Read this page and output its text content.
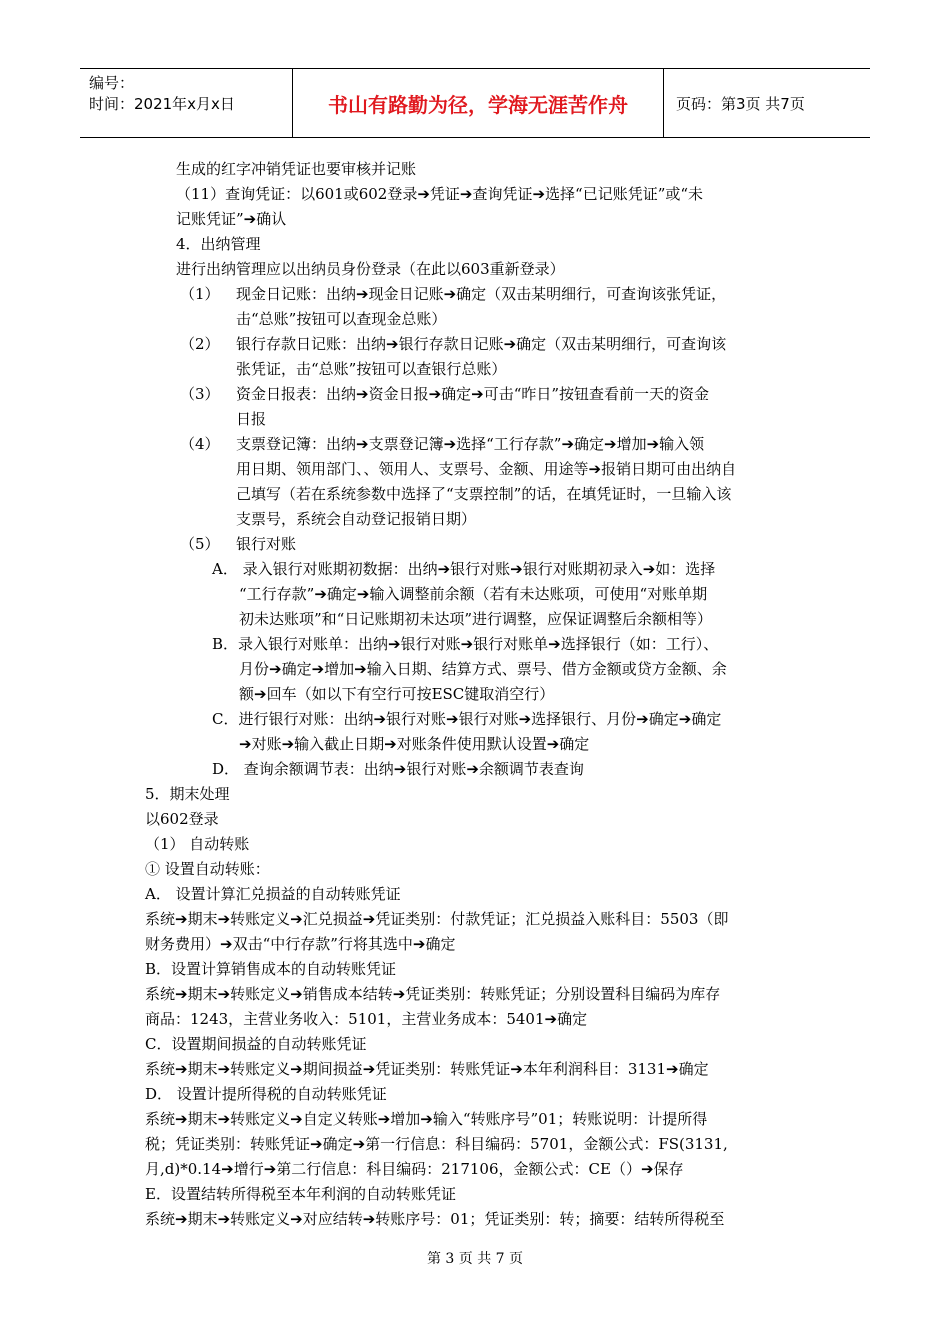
编号：
时间：2021年x月x日	书山有路勤为径，学海无涯苦作舟	页码：第3页 共7页
生成的红字冲销凭证也要审核并记账
（11）查询凭证：以601或602登录➔凭证➔查询凭证➔选择“已记账凭证”或“未
记账凭证”➔确认
4．出纳管理
进行出纳管理应以出纳员身份登录（在此以603重新登录）
（1） 现金日记账：出纳➔现金日记账➔确定（双击某明细行，可查询该张凭证，
击“总账”按钮可以查现金总账）
（2） 银行存款日记账：出纳➔银行存款日记账➔确定（双击某明细行，可查询该
张凭证，击“总账”按钮可以查银行总账）
（3） 资金日报表：出纳➔资金日报➔确定➔可击“昨日”按钮查看前一天的资金
日报
（4） 支票登记簿：出纳➔支票登记簿➔选择“工行存款”➔确定➔增加➔输入领
用日期、领用部门、、领用人、支票号、金额、用途等➔报销日期可由出纳自
己填写（若在系统参数中选择了“支票控制”的话，在填凭证时，一旦输入该
支票号，系统会自动登记报销日期）
（5） 银行对账
A． 录入银行对账期初数据：出纳➔银行对账➔银行对账期初录入➔如：选择
“工行存款”➔确定➔输入调整前余额（若有未达账项，可使用“对账单期
初未达账项”和“日记账期初未达项”进行调整，应保证调整后余额相等）
B．录入银行对账单：出纳➔银行对账➔银行对账单➔选择银行（如：工行）、
月份➔确定➔增加➔输入日期、结算方式、票号、借方金额或贷方金额、余
额➔回车（如以下有空行可按ESC键取消空行）
C．进行银行对账：出纳➔银行对账➔银行对账➔选择银行、月份➔确定➔确定
➔对账➔输入截止日期➔对账条件使用默认设置➔确定
D． 查询余额调节表：出纳➔银行对账➔余额调节表查询
5．期末处理
以602登录
（1） 自动转账
① 设置自动转账：
A． 设置计算汇兑损益的自动转账凭证
系统➔期末➔转账定义➔汇兑损益➔凭证类别：付款凭证；汇兑损益入账科目：5503（即
财务费用）➔双击“中行存款”行将其选中➔确定
B．设置计算销售成本的自动转账凭证
系统➔期末➔转账定义➔销售成本结转➔凭证类别：转账凭证；分别设置科目编码为库存
商品：1243，主营业务收入：5101，主营业务成本：5401➔确定
C．设置期间损益的自动转账凭证
系统➔期末➔转账定义➔期间损益➔凭证类别：转账凭证➔本年利润科目：3131➔确定
D． 设置计提所得税的自动转账凭证
系统➔期末➔转账定义➔自定义转账➔增加➔输入“转账序号”01；转账说明：计提所得
税；凭证类别：转账凭证➔确定➔第一行信息：科目编码：5701，金额公式：FS(3131,
月,d)*0.14➔增行➔第二行信息：科目编码：217106，金额公式：CE（）➔保存
E．设置结转所得税至本年利润的自动转账凭证
系统➔期末➔转账定义➔对应结转➔转账序号：01；凭证类别：转；摘要：结转所得税至
第 3 页 共 7 页
